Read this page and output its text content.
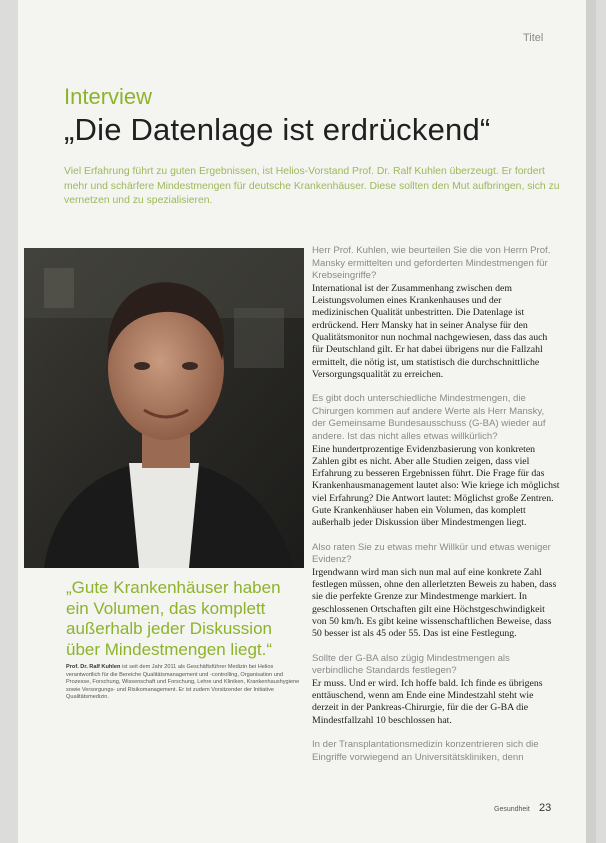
Titel
Interview
„Die Datenlage ist erdrückend“
Viel Erfahrung führt zu guten Ergebnissen, ist Helios-Vorstand Prof. Dr. Ralf Kuhlen überzeugt. Er fordert mehr und schärfere Mindestmengen für deutsche Krankenhäuser. Diese sollten den Mut aufbringen, sich zu vernetzen und zu spezialisieren.
„Gute Krankenhäuser haben ein Volumen, das komplett außerhalb jeder Diskussion über Mindestmengen liegt.“
Prof. Dr. Ralf Kuhlen ist seit dem Jahr 2011 als Geschäftsführer Medizin bei Helios verantwortlich für die Bereiche Qualitätsmanagement und -controlling, Organisation und Prozesse, Forschung, Wissenschaft und Forschung, Lehre und Kliniken, Krankenhaushygiene sowie Versorgungs- und Risikomanagement. Er ist zudem Vorsitzender der Initiative Qualitätsmedizin.

Herr Prof. Kuhlen, wie beurteilen Sie die von Herrn Prof. Mansky ermittelten und geforderten Mindestmengen für Krebseingriffe?

International ist der Zusammenhang zwischen dem Leistungsvolumen eines Krankenhauses und der medizinischen Qualität unbestritten. Die Datenlage ist erdrückend. Herr Mansky hat in seiner Analyse für den Qualitätsmonitor nun nochmal nachgewiesen, dass das auch für Deutschland gilt. Er hat dabei übrigens nur die Fallzahl ermittelt, die nötig ist, um statistisch die durchschnittliche Versorgungsqualität zu erreichen.

Es gibt doch unterschiedliche Mindestmengen, die Chirurgen kommen auf andere Werte als Herr Mansky, der Gemeinsame Bundesausschuss (G-BA) wieder auf andere. Ist das nicht alles etwas willkürlich?

Eine hundertprozentige Evidenzbasierung von konkreten Zahlen gibt es nicht. Aber alle Studien zeigen, dass viel Erfahrung zu besseren Ergebnissen führt. Die Frage für das Krankenhausmanagement lautet also: Wie kriege ich möglichst viel Erfahrung? Die Antwort lautet: Möglichst große Zentren. Gute Krankenhäuser haben ein Volumen, das komplett außerhalb jeder Diskussion über Mindestmengen liegt.

Also raten Sie zu etwas mehr Willkür und etwas weniger Evidenz?

Irgendwann wird man sich nun mal auf eine konkrete Zahl festlegen müssen, ohne den allerletzten Beweis zu haben, dass sie die perfekte Grenze zur Mindestmenge markiert. In geschlossenen Ortschaften gilt eine Höchstgeschwindigkeit von 50 km/h. Es gibt keine wissenschaftlichen Beweise, dass 50 besser ist als 45 oder 55. Das ist eine Festlegung.

Sollte der G-BA also zügig Mindestmengen als verbindliche Standards festlegen?

Er muss. Und er wird. Ich hoffe bald. Ich finde es übrigens enttäuschend, wenn am Ende eine Mindestzahl steht wie derzeit in der Pankreas-Chirurgie, für die der G-BA die Mindestfallzahl 10 beschlossen hat.

In der Transplantationsmedizin konzentrieren sich die Eingriffe vorwiegend an Universitätskliniken, denn

Gesundheit 23
